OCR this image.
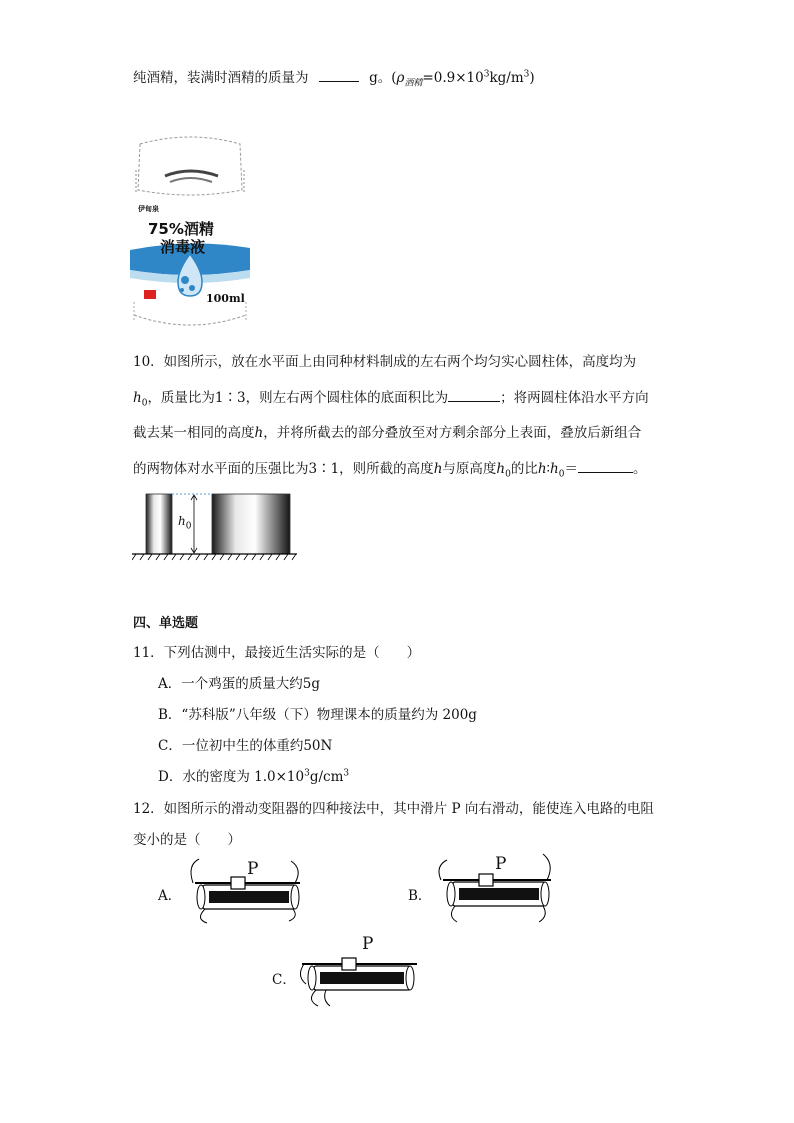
纯酒精，装满时酒精的质量为	g。$(\rho_{酒精}=0.9\times 10^3kg/m^3)$
伊甸泉
75%酒精
消毒液
100ml
10．如图所示，放在水平面上由同种材料制成的左右两个均匀实心圆柱体，高度均为
$h_0$，质量比为1∶3，则左右两个圆柱体的底面积比为	；将两圆柱体沿水平方向
截去某一相同的高度h，并将所截去的部分叠放至对方剩余部分上表面，叠放后新组合
的两物体对水平面的压强比为3∶1，则所截的高度h与原高度$h_0$的比$h∶h_0=$	。
$h_0$
四、单选题
11．下列估测中，最接近生活实际的是（　　）
A．一个鸡蛋的质量大约5g
B．“苏科版”八年级（下）物理课本的质量约为 200g
C．一位初中生的体重约50N
D．水的密度为 $1.0\times 10^3g/cm^3$
12．如图所示的滑动变阻器的四种接法中，其中滑片 P 向右滑动，能使连入电路的电阻
变小的是（　　）
A．
P
B．
P
C．
P
